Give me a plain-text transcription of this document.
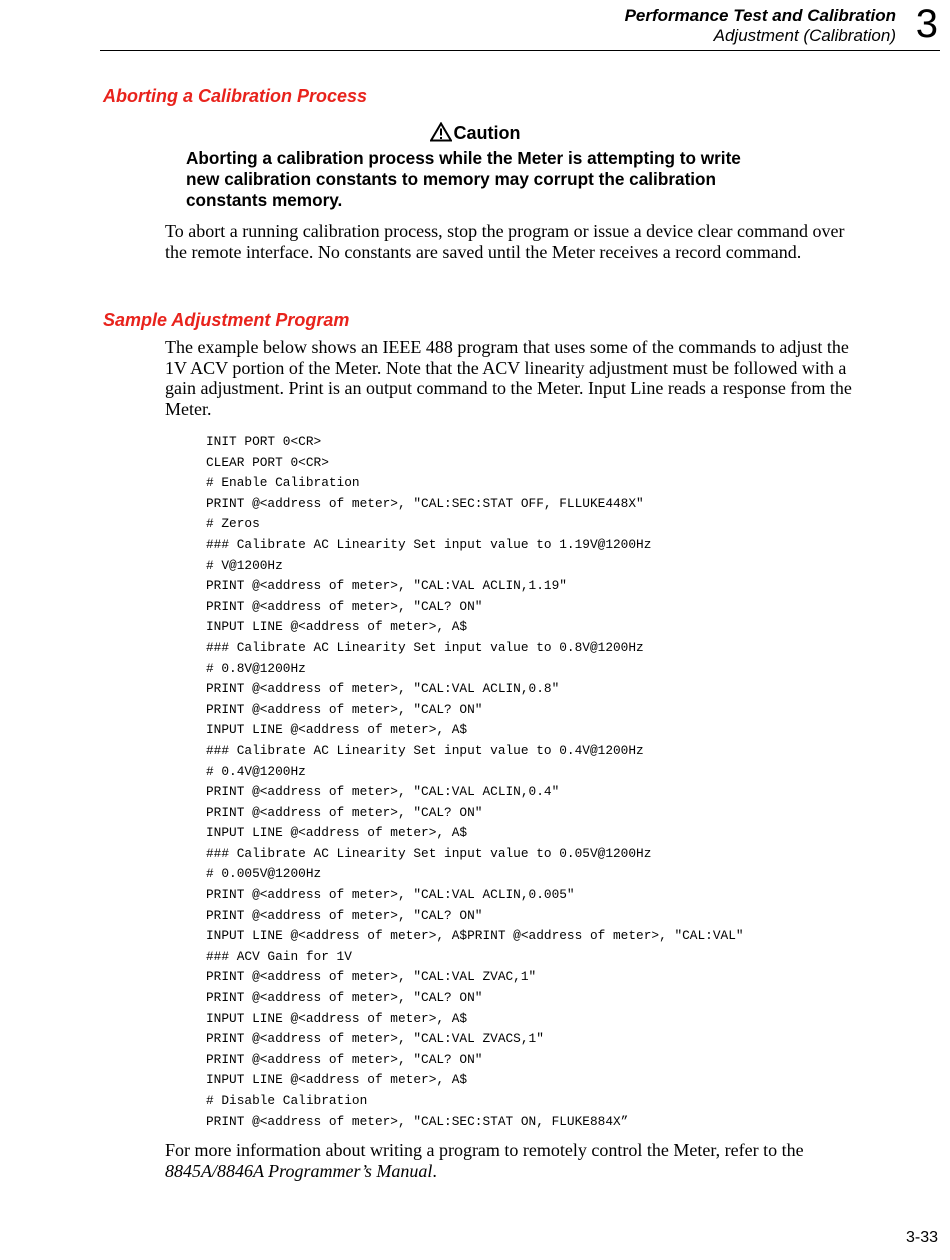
Performance Test and Calibration
Adjustment (Calibration) 3
Aborting a Calibration Process
Caution
Aborting a calibration process while the Meter is attempting to write new calibration constants to memory may corrupt the calibration constants memory.

To abort a running calibration process, stop the program or issue a device clear command over the remote interface. No constants are saved until the Meter receives a record command.

Sample Adjustment Program

The example below shows an IEEE 488 program that uses some of the commands to adjust the 1V ACV portion of the Meter. Note that the ACV linearity adjustment must be followed with a gain adjustment. Print is an output command to the Meter. Input Line reads a response from the Meter.

INIT PORT 0<CR>
CLEAR PORT 0<CR>
# Enable Calibration
PRINT @<address of meter>, "CAL:SEC:STAT OFF, FLLUKE448X"
# Zeros
### Calibrate AC Linearity Set input value to 1.19V@1200Hz
# V@1200Hz
PRINT @<address of meter>, "CAL:VAL ACLIN,1.19"
PRINT @<address of meter>, "CAL? ON"
INPUT LINE @<address of meter>, A$
### Calibrate AC Linearity Set input value to 0.8V@1200Hz
# 0.8V@1200Hz
PRINT @<address of meter>, "CAL:VAL ACLIN,0.8"
PRINT @<address of meter>, "CAL? ON"
INPUT LINE @<address of meter>, A$
### Calibrate AC Linearity Set input value to 0.4V@1200Hz
# 0.4V@1200Hz
PRINT @<address of meter>, "CAL:VAL ACLIN,0.4"
PRINT @<address of meter>, "CAL? ON"
INPUT LINE @<address of meter>, A$
### Calibrate AC Linearity Set input value to 0.05V@1200Hz
# 0.005V@1200Hz
PRINT @<address of meter>, "CAL:VAL ACLIN,0.005"
PRINT @<address of meter>, "CAL? ON"
INPUT LINE @<address of meter>, A$PRINT @<address of meter>, "CAL:VAL"
### ACV Gain for 1V
PRINT @<address of meter>, "CAL:VAL ZVAC,1"
PRINT @<address of meter>, "CAL? ON"
INPUT LINE @<address of meter>, A$
PRINT @<address of meter>, "CAL:VAL ZVACS,1"
PRINT @<address of meter>, "CAL? ON"
INPUT LINE @<address of meter>, A$
# Disable Calibration
PRINT @<address of meter>, "CAL:SEC:STAT ON, FLUKE884X”

For more information about writing a program to remotely control the Meter, refer to the 8845A/8846A Programmer’s Manual.

3-33
